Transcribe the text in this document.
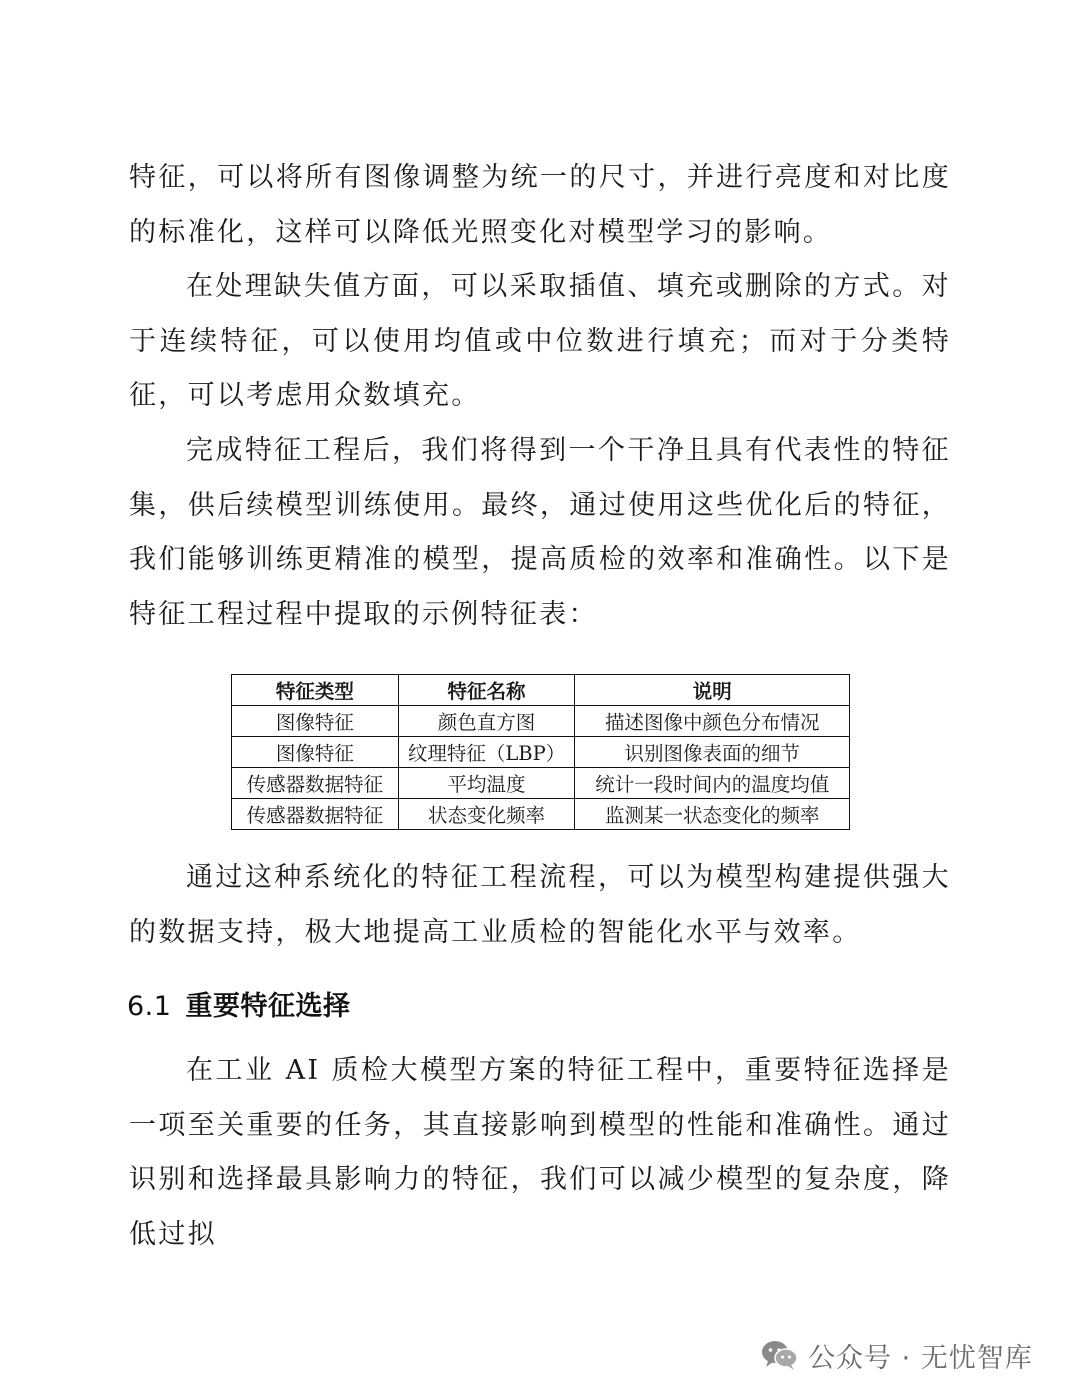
特征，可以将所有图像调整为统一的尺寸，并进行亮度和对比度的标准化，这样可以降低光照变化对模型学习的影响。

在处理缺失值方面，可以采取插值、填充或删除的方式。对于连续特征，可以使用均值或中位数进行填充；而对于分类特征，可以考虑用众数填充。

完成特征工程后，我们将得到一个干净且具有代表性的特征集，供后续模型训练使用。最终，通过使用这些优化后的特征，我们能够训练更精准的模型，提高质检的效率和准确性。以下是特征工程过程中提取的示例特征表：

特征类型	特征名称	说明
图像特征	颜色直方图	描述图像中颜色分布情况
图像特征	纹理特征（LBP）	识别图像表面的细节
传感器数据特征	平均温度	统计一段时间内的温度均值
传感器数据特征	状态变化频率	监测某一状态变化的频率

通过这种系统化的特征工程流程，可以为模型构建提供强大的数据支持，极大地提高工业质检的智能化水平与效率。

6.1 重要特征选择

在工业 AI 质检大模型方案的特征工程中，重要特征选择是一项至关重要的任务，其直接影响到模型的性能和准确性。通过识别和选择最具影响力的特征，我们可以减少模型的复杂度，降低过拟

公众号 · 无忧智库
